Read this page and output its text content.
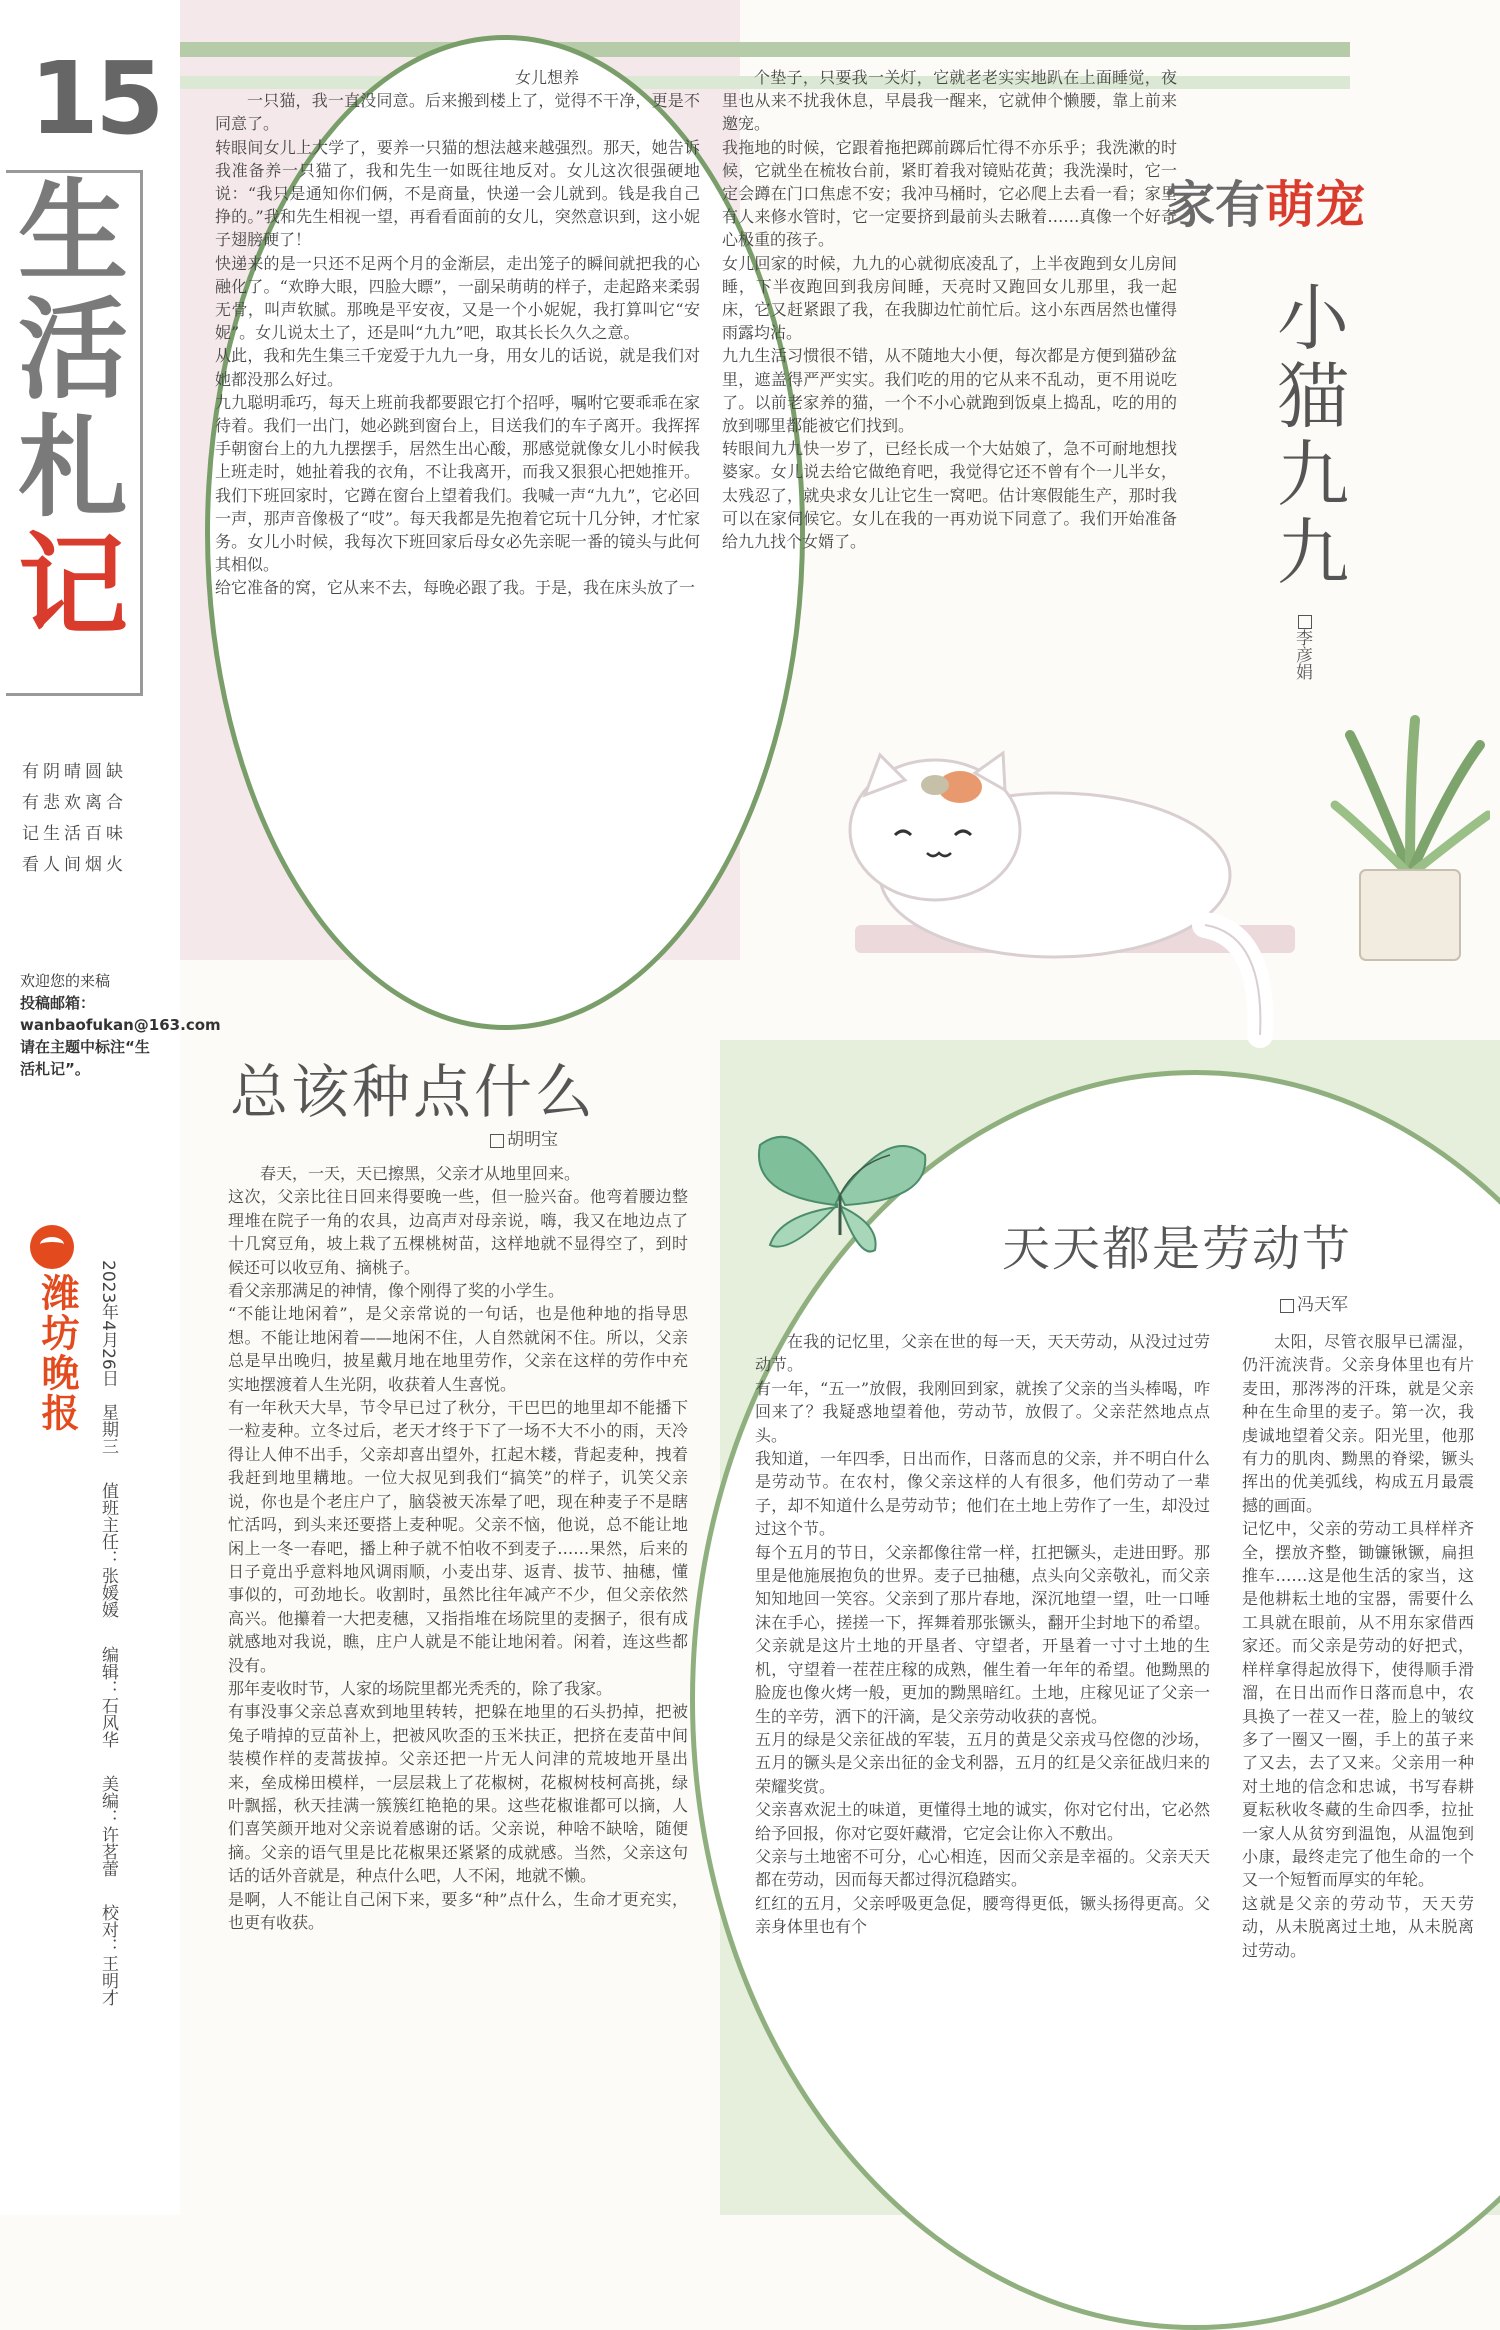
15
生
活
札
记
有阴晴圆缺
有悲欢离合
记生活百味
看人间烟火
欢迎您的来稿
投稿邮箱：
wanbaofukan@163.com
请在主题中标注“生活札记”。
潍坊晚报	2023年4月26日　星期三 值班主任：张媛媛 编辑：石风华 美编：许茗蕾 校对：王明才
女儿想养
一只猫，我一直没同意。后来搬到楼上了，觉得不干净，更是不同意了。
转眼间女儿上大学了，要养一只猫的想法越来越强烈。那天，她告诉我准备养一只猫了，我和先生一如既往地反对。女儿这次很强硬地说：“我只是通知你们俩，不是商量，快递一会儿就到。钱是我自己挣的。”我和先生相视一望，再看看面前的女儿，突然意识到，这小妮子翅膀硬了！
快递来的是一只还不足两个月的金渐层，走出笼子的瞬间就把我的心融化了。“欢睁大眼，四脸大瞟”，一副呆萌萌的样子，走起路来柔弱无骨，叫声软腻。那晚是平安夜，又是一个小妮妮，我打算叫它“安妮”。女儿说太土了，还是叫“九九”吧，取其长长久久之意。
从此，我和先生集三千宠爱于九九一身，用女儿的话说，就是我们对她都没那么好过。
九九聪明乖巧，每天上班前我都要跟它打个招呼，嘱咐它要乖乖在家待着。我们一出门，她必跳到窗台上，目送我们的车子离开。我挥挥手朝窗台上的九九摆摆手，居然生出心酸，那感觉就像女儿小时候我上班走时，她扯着我的衣角，不让我离开，而我又狠狠心把她推开。我们下班回家时，它蹲在窗台上望着我们。我喊一声“九九”，它必回一声，那声音像极了“哎”。每天我都是先抱着它玩十几分钟，才忙家务。女儿小时候，我每次下班回家后母女必先亲昵一番的镜头与此何其相似。
给它准备的窝，它从来不去，每晚必跟了我。于是，我在床头放了一
个垫子，只要我一关灯，它就老老实实地趴在上面睡觉，夜里也从来不扰我休息，早晨我一醒来，它就伸个懒腰，靠上前来邀宠。
我拖地的时候，它跟着拖把踯前踯后忙得不亦乐乎；我洗漱的时候，它就坐在梳妆台前，紧盯着我对镜贴花黄；我洗澡时，它一定会蹲在门口焦虑不安；我冲马桶时，它必爬上去看一看；家里有人来修水管时，它一定要挤到最前头去瞅着……真像一个好奇心极重的孩子。
女儿回家的时候，九九的心就彻底凌乱了，上半夜跑到女儿房间睡，下半夜跑回到我房间睡，天亮时又跑回女儿那里，我一起床，它又赶紧跟了我，在我脚边忙前忙后。这小东西居然也懂得雨露均沾。
九九生活习惯很不错，从不随地大小便，每次都是方便到猫砂盆里，遮盖得严严实实。我们吃的用的它从来不乱动，更不用说吃了。以前老家养的猫，一个不小心就跑到饭桌上捣乱，吃的用的放到哪里都能被它们找到。
转眼间九九快一岁了，已经长成一个大姑娘了，急不可耐地想找婆家。女儿说去给它做绝育吧，我觉得它还不曾有个一儿半女，太残忍了，就央求女儿让它生一窝吧。估计寒假能生产，那时我可以在家伺候它。女儿在我的一再劝说下同意了。我们开始准备给九九找个女婿了。
家有萌宠
小猫九九
李彦娟
总该种点什么
胡明宝
春天，一天，天已擦黑，父亲才从地里回来。
这次，父亲比往日回来得要晚一些，但一脸兴奋。他弯着腰边整理堆在院子一角的农具，边高声对母亲说，嗨，我又在地边点了十几窝豆角，坡上栽了五棵桃树苗，这样地就不显得空了，到时候还可以收豆角、摘桃子。
看父亲那满足的神情，像个刚得了奖的小学生。
“不能让地闲着”，是父亲常说的一句话，也是他种地的指导思想。不能让地闲着——地闲不住，人自然就闲不住。所以，父亲总是早出晚归，披星戴月地在地里劳作，父亲在这样的劳作中充实地摆渡着人生光阴，收获着人生喜悦。
有一年秋天大旱，节令早已过了秋分，干巴巴的地里却不能播下一粒麦种。立冬过后，老天才终于下了一场不大不小的雨，天冷得让人伸不出手，父亲却喜出望外，扛起木耧，背起麦种，拽着我赶到地里耩地。一位大叔见到我们“搞笑”的样子，讥笑父亲说，你也是个老庄户了，脑袋被天冻晕了吧，现在种麦子不是瞎忙活吗，到头来还要搭上麦种呢。父亲不恼，他说，总不能让地闲上一冬一春吧，播上种子就不怕收不到麦子……果然，后来的日子竟出乎意料地风调雨顺，小麦出芽、返青、拔节、抽穗，懂事似的，可劲地长。收割时，虽然比往年减产不少，但父亲依然高兴。他攥着一大把麦穗，又指指堆在场院里的麦捆子，很有成就感地对我说，瞧，庄户人就是不能让地闲着。闲着，连这些都没有。
那年麦收时节，人家的场院里都光秃秃的，除了我家。
有事没事父亲总喜欢到地里转转，把躲在地里的石头扔掉，把被兔子啃掉的豆苗补上，把被风吹歪的玉米扶正，把挤在麦苗中间装模作样的麦蒿拔掉。父亲还把一片无人问津的荒坡地开垦出来，垒成梯田模样，一层层栽上了花椒树，花椒树枝柯高挑，绿叶飘摇，秋天挂满一簇簇红艳艳的果。这些花椒谁都可以摘，人们喜笑颜开地对父亲说着感谢的话。父亲说，种啥不缺啥，随便摘。父亲的语气里是比花椒果还紧紧的成就感。当然，父亲这句话的话外音就是，种点什么吧，人不闲，地就不懒。
是啊，人不能让自己闲下来，要多“种”点什么，生命才更充实，也更有收获。
天天都是劳动节
冯天军
在我的记忆里，父亲在世的每一天，天天劳动，从没过过劳动节。
有一年，“五一”放假，我刚回到家，就挨了父亲的当头棒喝，咋回来了？我疑惑地望着他，劳动节，放假了。父亲茫然地点点头。
我知道，一年四季，日出而作，日落而息的父亲，并不明白什么是劳动节。在农村，像父亲这样的人有很多，他们劳动了一辈子，却不知道什么是劳动节；他们在土地上劳作了一生，却没过过这个节。
每个五月的节日，父亲都像往常一样，扛把镢头，走进田野。那里是他施展抱负的世界。麦子已抽穗，点头向父亲敬礼，而父亲知知地回一笑容。父亲到了那片春地，深沉地望一望，吐一口唾沫在手心，搓搓一下，挥舞着那张镢头，翻开尘封地下的希望。父亲就是这片土地的开垦者、守望者，开垦着一寸寸土地的生机，守望着一茬茬庄稼的成熟，催生着一年年的希望。他黝黑的脸庞也像火烤一般，更加的黝黑暗红。土地，庄稼见证了父亲一生的辛劳，洒下的汗滴，是父亲劳动收获的喜悦。
五月的绿是父亲征战的军装，五月的黄是父亲戎马倥偬的沙场，五月的镢头是父亲出征的金戈利器，五月的红是父亲征战归来的荣耀奖赏。
父亲喜欢泥土的味道，更懂得土地的诚实，你对它付出，它必然给予回报，你对它耍奸藏滑，它定会让你入不敷出。
父亲与土地密不可分，心心相连，因而父亲是幸福的。父亲天天都在劳动，因而每天都过得沉稳踏实。
红红的五月，父亲呼吸更急促，腰弯得更低，镢头扬得更高。父亲身体里也有个
太阳，尽管衣服早已濡湿，仍汗流浃背。父亲身体里也有片麦田，那涔涔的汗珠，就是父亲种在生命里的麦子。第一次，我虔诚地望着父亲。阳光里，他那有力的肌肉、黝黑的脊梁，镢头挥出的优美弧线，构成五月最震撼的画面。
记忆中，父亲的劳动工具样样齐全，摆放齐整，锄镰锹镢，扁担推车……这是他生活的家当，这是他耕耘土地的宝器，需要什么工具就在眼前，从不用东家借西家还。而父亲是劳动的好把式，样样拿得起放得下，使得顺手滑溜，在日出而作日落而息中，农具换了一茬又一茬，脸上的皱纹多了一圈又一圈，手上的茧子来了又去，去了又来。父亲用一种对土地的信念和忠诚，书写春耕夏耘秋收冬藏的生命四季，拉扯一家人从贫穷到温饱，从温饱到小康，最终走完了他生命的一个又一个短暂而厚实的年轮。
这就是父亲的劳动节，天天劳动，从未脱离过土地，从未脱离过劳动。
